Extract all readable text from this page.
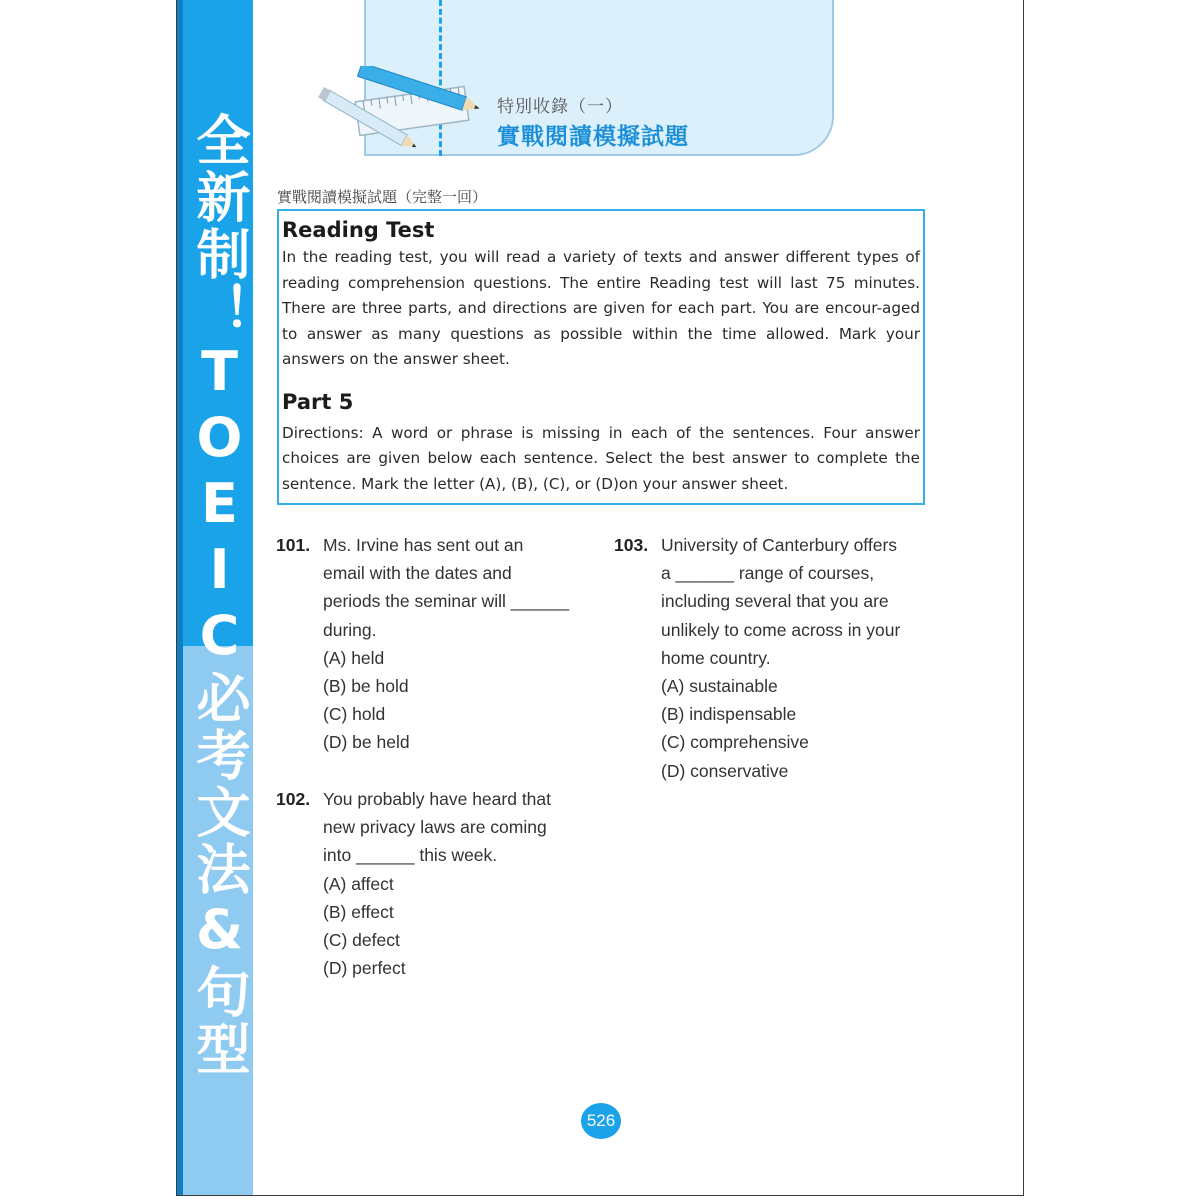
全新制！TOEIC必考文法&句型
特別收錄（一）
實戰閱讀模擬試題
實戰閱讀模擬試題（完整一回）
Reading Test

In the reading test, you will read a variety of texts and answer different types of reading comprehension questions. The entire Reading test will last 75 minutes. There are three parts, and directions are given for each part. You are encour-aged to answer as many questions as possible within the time allowed. Mark your answers on the answer sheet.

Part 5

Directions: A word or phrase is missing in each of the sentences. Four answer choices are given below each sentence. Select the best answer to complete the sentence. Mark the letter (A), (B), (C), or (D)on your answer sheet.

101. Ms. Irvine has sent out an
email with the dates and
periods the seminar will ______
during.
(A) held
(B) be hold
(C) hold
(D) be held
102. You probably have heard that
new privacy laws are coming
into ______ this week.
(A) affect
(B) effect
(C) defect
(D) perfect
103. University of Canterbury offers
a ______ range of courses,
including several that you are
unlikely to come across in your
home country.
(A) sustainable
(B) indispensable
(C) comprehensive
(D) conservative
526
